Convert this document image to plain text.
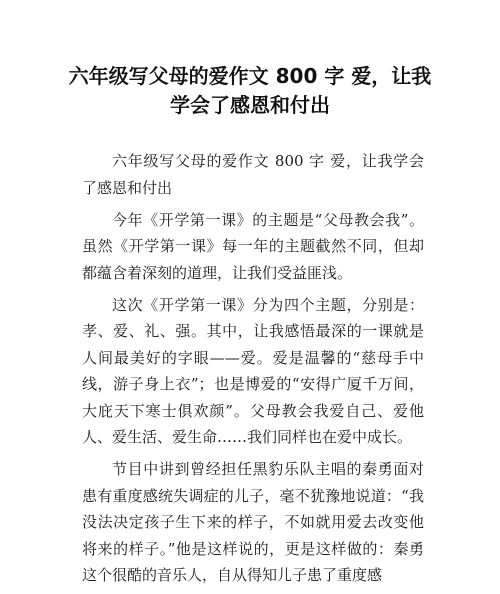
六年级写父母的爱作文 800 字 爱，让我学会了感恩和付出

六年级写父母的爱作文 800 字 爱，让我学会了感恩和付出

今年《开学第一课》的主题是“父母教会我”。虽然《开学第一课》每一年的主题截然不同，但却都蕴含着深刻的道理，让我们受益匪浅。

这次《开学第一课》分为四个主题，分别是：孝、爱、礼、强。其中，让我感悟最深的一课就是人间最美好的字眼——爱。爱是温馨的“慈母手中线，游子身上衣”；也是博爱的“安得广厦千万间，大庇天下寒士俱欢颜”。父母教会我爱自己、爱他人、爱生活、爱生命……我们同样也在爱中成长。

节目中讲到曾经担任黑豹乐队主唱的秦勇面对患有重度感统失调症的儿子，毫不犹豫地说道：“我没法决定孩子生下来的样子，不如就用爱去改变他将来的样子。”他是这样说的，更是这样做的：秦勇这个很酷的音乐人，自从得知儿子患了重度感
